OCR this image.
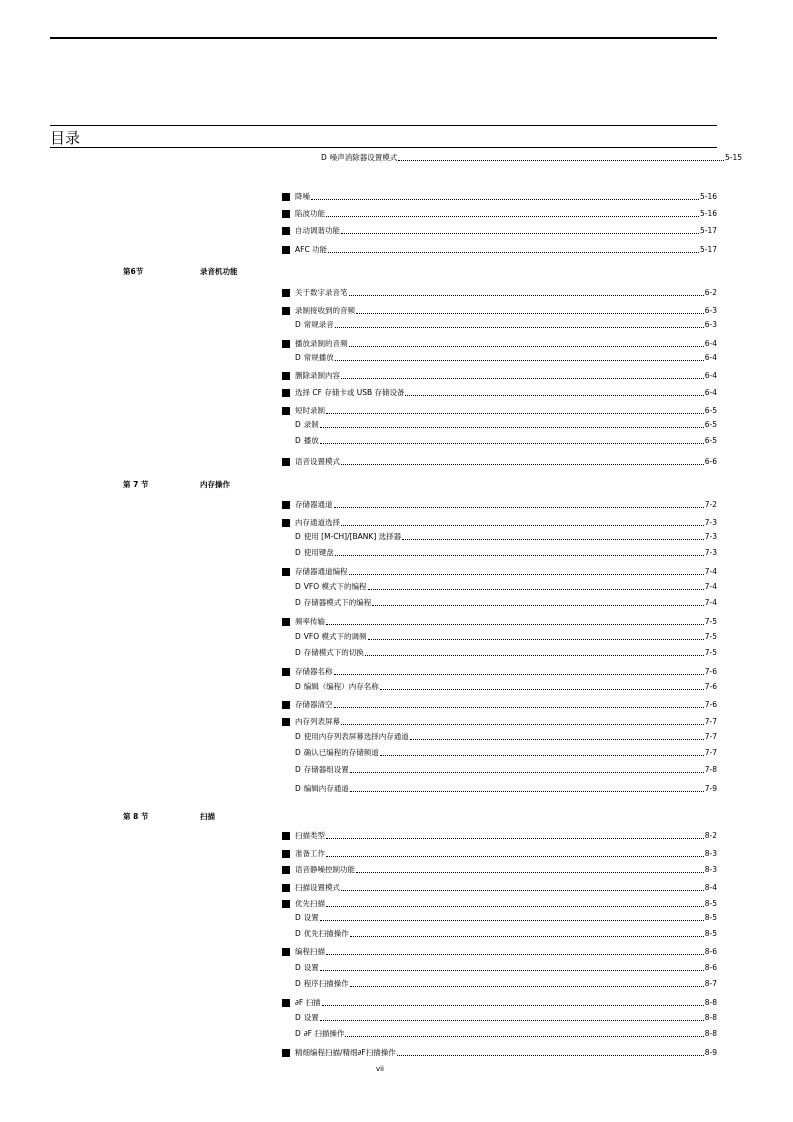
目录
D 噪声消除器设置模式	5-15
降噪	5-16
陷波功能	5-16
自动调谐功能	5-17
AFC 功能	5-17
第6节	录音机功能
关于数字录音笔	6-2
录制接收到的音频	6-3
D 常规录音	6-3
播放录制的音频	6-4
D 常规播放	6-4
删除录制内容	6-4
选择 CF 存储卡或 USB 存储设备	6-4
短时录制	6-5
D 录制	6-5
D 播放	6-5
语音设置模式	6-6
第 7 节	内存操作
存储器通道	7-2
内存通道选择	7-3
D 使用 [M-CH]/[BANK] 选择器	7-3
D 使用键盘	7-3
存储器通道编程	7-4
D VFO 模式下的编程	7-4
D 存储器模式下的编程	7-4
频率传输	7-5
D VFO 模式下的调频	7-5
D 存储模式下的切换	7-5
存储器名称	7-6
D 编辑（编程）内存名称	7-6
存储器清空	7-6
内存列表屏幕	7-7
D 使用内存列表屏幕选择内存通道	7-7
D 确认已编程的存储频道	7-7
D 存储器组设置	7-8
D 编辑内存通道	7-9
第 8 节	扫描
扫描类型	8-2
准备工作	8-3
语音静噪控制功能	8-3
扫描设置模式	8-4
优先扫描	8-5
D 设置	8-5
D 优先扫描操作	8-5
编程扫描	8-6
D 设置	8-6
D 程序扫描操作	8-7
∂F 扫描	8-8
D 设置	8-8
D ∂F 扫描操作	8-8
精细编程扫描/精细∂F扫描操作	8-9
vii
